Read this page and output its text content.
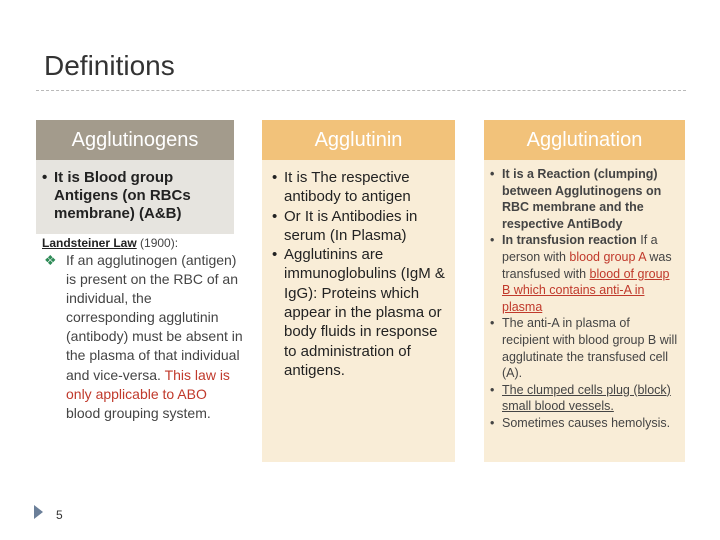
Definitions
Agglutinogens
• It is Blood group Antigens (on RBCs membrane) (A&B)
Landsteiner Law (1900):
❖ If an agglutinogen (antigen) is present on the RBC of an individual, the corresponding agglutinin (antibody) must be absent in the plasma of that individual and vice-versa. This law is only applicable to ABO blood grouping system.
Agglutinin
• It is The respective antibody to antigen
• Or It is Antibodies in serum (In Plasma)
• Agglutinins are immunoglobulins (IgM & IgG): Proteins which appear in the plasma or body fluids in response to administration of antigens.
Agglutination
• It is a Reaction (clumping) between Agglutinogens on RBC membrane and the respective AntiBody
• In transfusion reaction If a person with blood group A was transfused with blood of group B which contains anti-A in plasma
• The anti-A in plasma of recipient with blood group B will agglutinate the transfused cell (A).
• The clumped cells plug (block) small blood vessels.
• Sometimes causes hemolysis.
5
